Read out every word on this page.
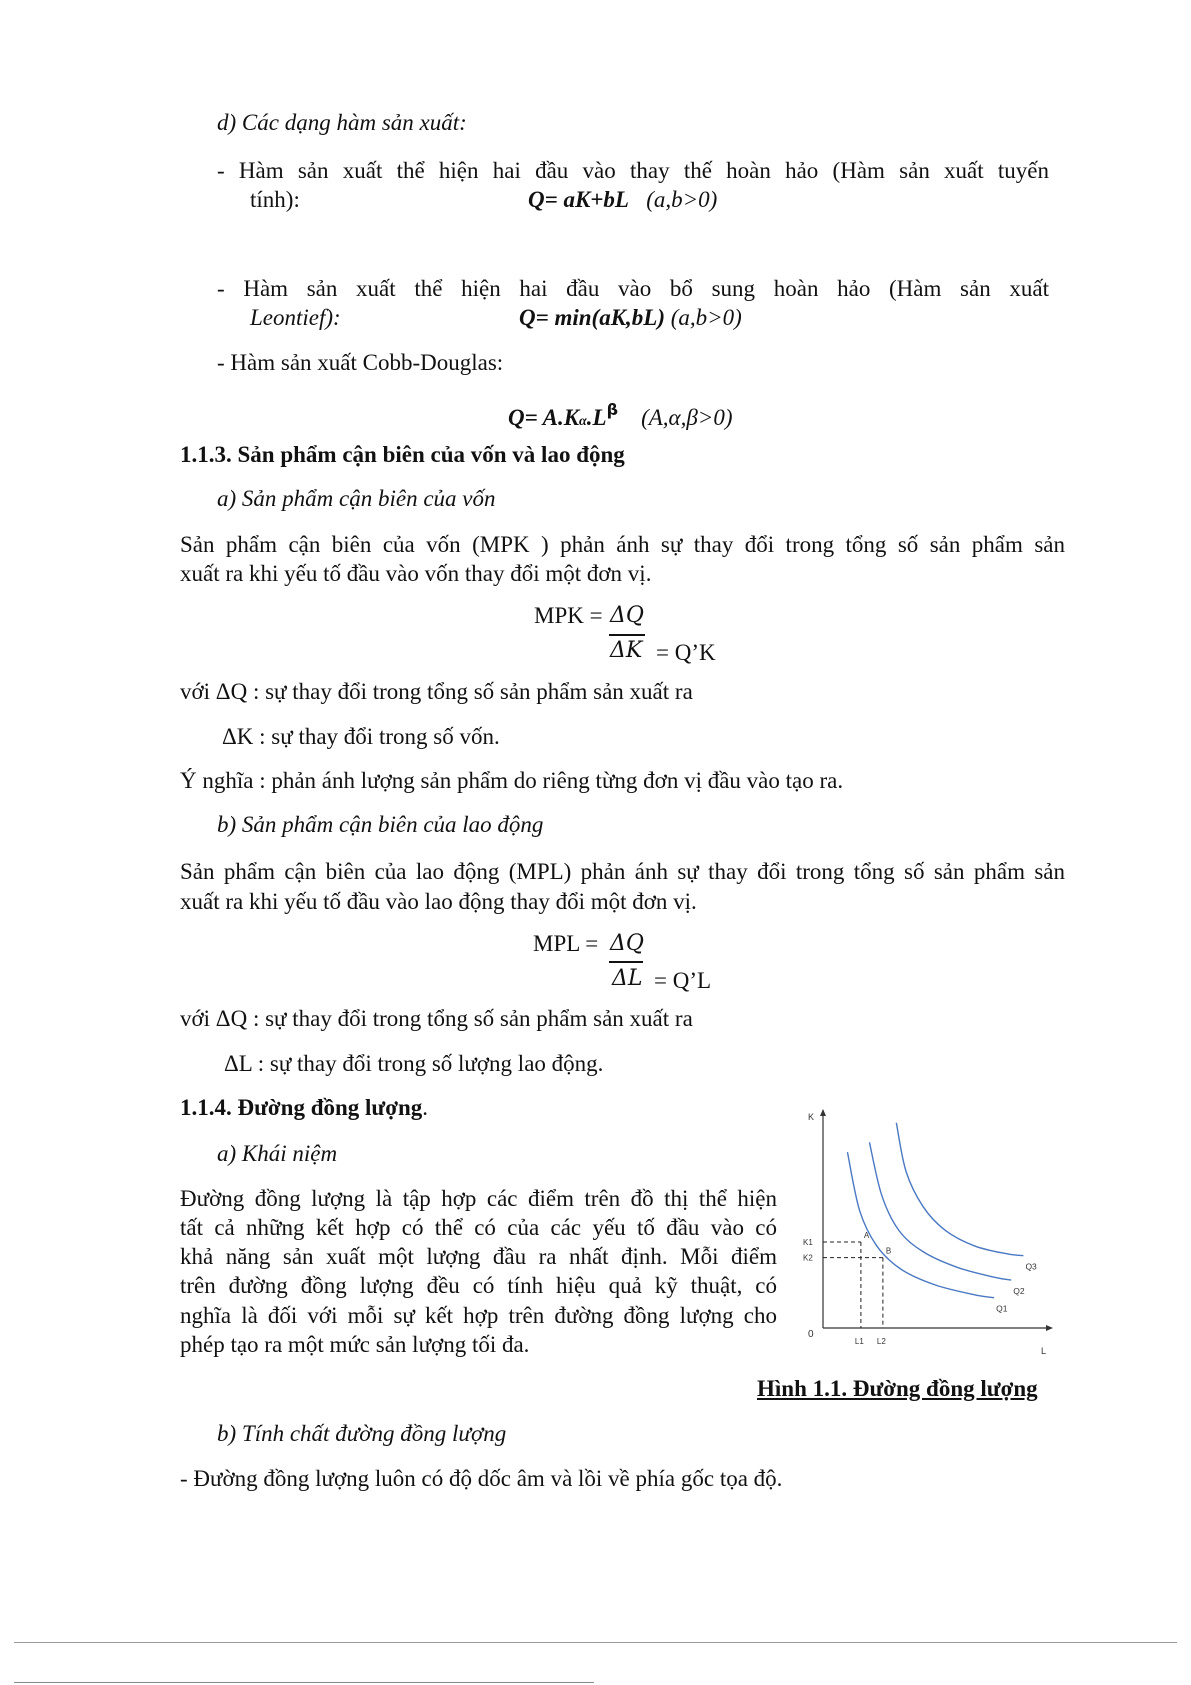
d) Các dạng hàm sản xuất:
- Hàm sản xuất thể hiện hai đầu vào thay thế hoàn hảo (Hàm sản xuất tuyến
tính):	Q= aK+bL (a,b>0)
- Hàm sản xuất thể hiện hai đầu vào bổ sung hoàn hảo (Hàm sản xuất
Leontief):	Q= min(aK,bL) (a,b>0)
- Hàm sản xuất Cobb-Douglas:
$Q= A.K\alpha.L^\beta$ (A,α,β>0)
1.1.3. Sản phẩm cận biên của vốn và lao động
a) Sản phẩm cận biên của vốn
Sản phẩm cận biên của vốn (MPK ) phản ánh sự thay đổi trong tổng số sản phẩm sản
xuất ra khi yếu tố đầu vào vốn thay đổi một đơn vị.
MPK = ΔQ
ΔK = Q’K
với ΔQ : sự thay đổi trong tổng số sản phẩm sản xuất ra
ΔK : sự thay đổi trong số vốn.
Ý nghĩa : phản ánh lượng sản phẩm do riêng từng đơn vị đầu vào tạo ra.
b) Sản phẩm cận biên của lao động
Sản phẩm cận biên của lao động (MPL) phản ánh sự thay đổi trong tổng số sản phẩm sản
xuất ra khi yếu tố đầu vào lao động thay đổi một đơn vị.
MPL = ΔQ
ΔL = Q’L
với ΔQ : sự thay đổi trong tổng số sản phẩm sản xuất ra
ΔL : sự thay đổi trong số lượng lao động.
1.1.4. Đường đồng lượng.
a) Khái niệm
Đường đồng lượng là tập hợp các điểm trên đồ thị thể hiện
tất cả những kết hợp có thể có của các yếu tố đầu vào có
khả năng sản xuất một lượng đầu ra nhất định. Mỗi điểm
trên đường đồng lượng đều có tính hiệu quả kỹ thuật, có
nghĩa là đối với mỗi sự kết hợp trên đường đồng lượng cho
phép tạo ra một mức sản lượng tối đa.
K
L
0
Q1
Q2
Q3
A
B
K1
K2
L1 L2
Hình 1.1. Đường đồng lượng
b) Tính chất đường đồng lượng
- Đường đồng lượng luôn có độ dốc âm và lồi về phía gốc tọa độ.
